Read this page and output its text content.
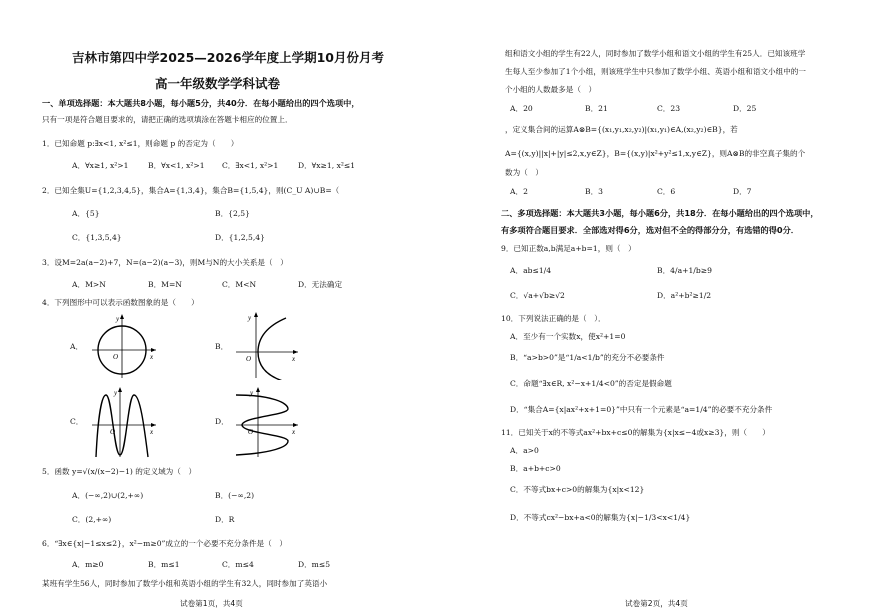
吉林市第四中学2025—2026学年度上学期10月份月考
高一年级数学学科试卷
一、单项选择题：本大题共8小题，每小题5分，共40分．在每小题给出的四个选项中，
只有一项是符合题目要求的，请把正确的选项填涂在答题卡相应的位置上．
1．已知命题 p:∃x<1, x²≤1，则命题 p 的否定为（　　）
A．∀x≥1, x²>1	B．∀x<1, x²>1 C．∃x<1, x²>1	D．∀x≥1, x²≤1
2．已知全集U={1,2,3,4,5}，集合A={1,3,4}，集合B={1,5,4}，则(C_U A)∪B=（
A．{5}	B．{2,5}
C．{1,3,5,4}	D．{1,2,5,4}
3．设M=2a(a−2)+7，N=(a−2)(a−3)，则M与N的大小关系是（　）
A．M>N	B．M=N	C．M<N	D．无法确定
4．下列图形中可以表示函数图象的是（　　）
A．
y
x
O
B．
y
x
O
C．
y
x
O
D．
y
x
O
5．函数 y=√(x/(x−2)−1) 的定义域为（　）
A．(−∞,2)∪(2,+∞)	B．(−∞,2)
C．(2,+∞)	D．R
6．“∃x∈{x|−1≤x≤2}，x²−m≥0”成立的一个必要不充分条件是（　）
A．m≥0	B．m≤1	C．m≤4	D．m≤5
某班有学生56人，同时参加了数学小组和英语小组的学生有32人，同时参加了英语小
试卷第1页，共4页
组和语文小组的学生有22人，同时参加了数学小组和语文小组的学生有25人．已知该班学
生每人至少参加了1个小组，则该班学生中只参加了数学小组、英语小组和语文小组中的一
个小组的人数最多是（　）
A．20	B．21	C．23	D．25
，定义集合间的运算A⊗B={(x₁,y₁,x₂,y₂)|(x₁,y₁)∈A,(x₂,y₂)∈B}，若
A={(x,y)||x|+|y|≤2,x,y∈Z}，B={(x,y)|x²+y²≤1,x,y∈Z}，则A⊗B的非空真子集的个
数为（　）
A．2	B．3	C．6	D．7
二、多项选择题：本大题共3小题，每小题6分，共18分．在每小题给出的四个选项中，
有多项符合题目要求．全部选对得6分，选对但不全的得部分分，有选错的得0分．
9．已知正数a,b满足a+b=1，则（　）
A．ab≤1/4	B．4/a+1/b≥9
C．√a+√b≥√2	D．a²+b²≥1/2
10．下列说法正确的是（　）．
A．至少有一个实数x，使x²+1=0
B．“a>b>0”是“1/a<1/b”的充分不必要条件
C．命题“∃x∈R, x²−x+1/4<0”的否定是假命题
D．“集合A={x|ax²+x+1=0}”中只有一个元素是“a=1/4”的必要不充分条件
11．已知关于x的不等式ax²+bx+c≤0的解集为{x|x≤−4或x≥3}，则（　　）
A．a>0
B．a+b+c>0
C．不等式bx+c>0的解集为{x|x<12}
D．不等式cx²−bx+a<0的解集为{x|−1/3<x<1/4}
试卷第2页，共4页
